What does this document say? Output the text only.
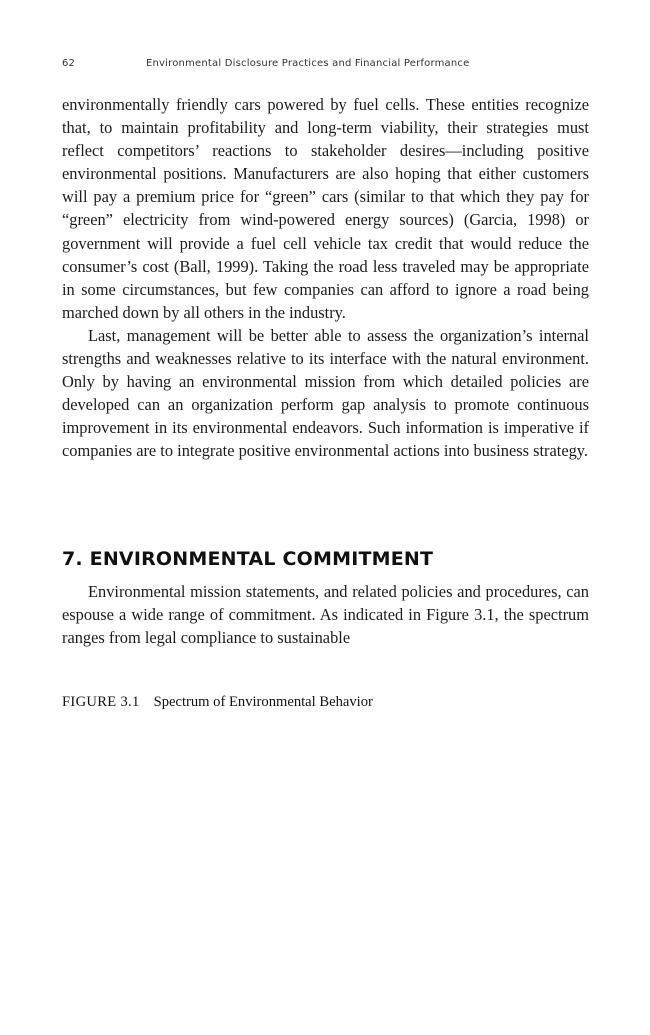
62	Environmental Disclosure Practices and Financial Performance

environmentally friendly cars powered by fuel cells. These entities recognize that, to maintain profitability and long-term viability, their strategies must reflect competitors’ reactions to stakeholder desires—including positive environmental positions. Manufacturers are also hoping that either customers will pay a premium price for “green” cars (similar to that which they pay for “green” electricity from wind-powered energy sources) (Garcia, 1998) or government will provide a fuel cell vehicle tax credit that would reduce the consumer’s cost (Ball, 1999). Taking the road less traveled may be appropriate in some circumstances, but few companies can afford to ignore a road being marched down by all others in the industry.

Last, management will be better able to assess the organization’s internal strengths and weaknesses relative to its interface with the natural environment. Only by having an environmental mission from which detailed policies are developed can an organization perform gap analysis to promote continuous improvement in its environmental endeavors. Such information is imperative if companies are to integrate positive environmental actions into business strategy.

7. ENVIRONMENTAL COMMITMENT

Environmental mission statements, and related policies and procedures, can espouse a wide range of commitment. As indicated in Figure 3.1, the spectrum ranges from legal compliance to sustainable

FIGURE 3.1 Spectrum of Environmental Behavior
